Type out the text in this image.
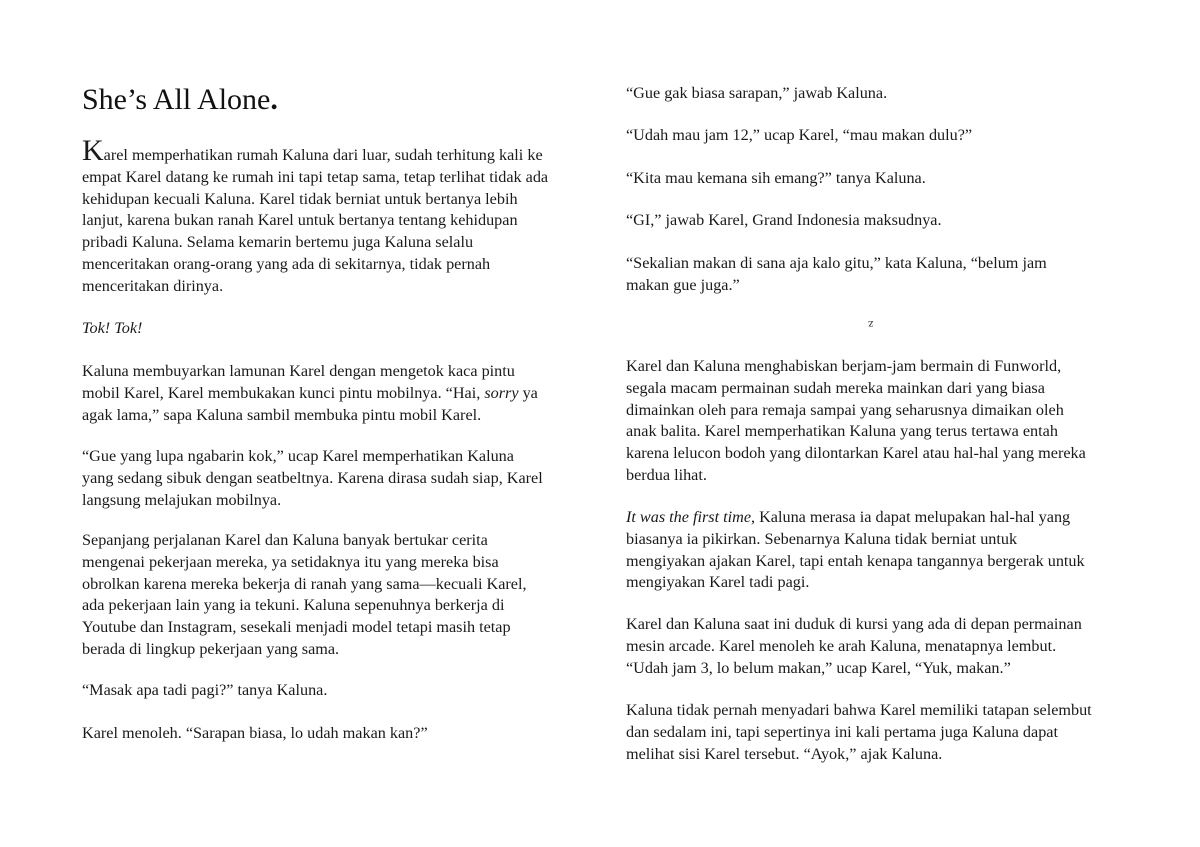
She’s All Alone.

Karel memperhatikan rumah Kaluna dari luar, sudah terhitung kali ke
empat Karel datang ke rumah ini tapi tetap sama, tetap terlihat tidak ada
kehidupan kecuali Kaluna. Karel tidak berniat untuk bertanya lebih
lanjut, karena bukan ranah Karel untuk bertanya tentang kehidupan
pribadi Kaluna. Selama kemarin bertemu juga Kaluna selalu
menceritakan orang-orang yang ada di sekitarnya, tidak pernah
menceritakan dirinya.

Tok! Tok!

Kaluna membuyarkan lamunan Karel dengan mengetok kaca pintu
mobil Karel, Karel membukakan kunci pintu mobilnya. “Hai, sorry ya
agak lama,” sapa Kaluna sambil membuka pintu mobil Karel.

“Gue yang lupa ngabarin kok,” ucap Karel memperhatikan Kaluna
yang sedang sibuk dengan seatbeltnya. Karena dirasa sudah siap, Karel
langsung melajukan mobilnya.

Sepanjang perjalanan Karel dan Kaluna banyak bertukar cerita
mengenai pekerjaan mereka, ya setidaknya itu yang mereka bisa
obrolkan karena mereka bekerja di ranah yang sama—kecuali Karel,
ada pekerjaan lain yang ia tekuni. Kaluna sepenuhnya berkerja di
Youtube dan Instagram, sesekali menjadi model tetapi masih tetap
berada di lingkup pekerjaan yang sama.

“Masak apa tadi pagi?” tanya Kaluna.

Karel menoleh. “Sarapan biasa, lo udah makan kan?”

“Gue gak biasa sarapan,” jawab Kaluna.

“Udah mau jam 12,” ucap Karel, “mau makan dulu?”

“Kita mau kemana sih emang?” tanya Kaluna.

“GI,” jawab Karel, Grand Indonesia maksudnya.

“Sekalian makan di sana aja kalo gitu,” kata Kaluna, “belum jam
makan gue juga.”

z

Karel dan Kaluna menghabiskan berjam-jam bermain di Funworld,
segala macam permainan sudah mereka mainkan dari yang biasa
dimainkan oleh para remaja sampai yang seharusnya dimaikan oleh
anak balita. Karel memperhatikan Kaluna yang terus tertawa entah
karena lelucon bodoh yang dilontarkan Karel atau hal-hal yang mereka
berdua lihat.

It was the first time, Kaluna merasa ia dapat melupakan hal-hal yang
biasanya ia pikirkan. Sebenarnya Kaluna tidak berniat untuk
mengiyakan ajakan Karel, tapi entah kenapa tangannya bergerak untuk
mengiyakan Karel tadi pagi.

Karel dan Kaluna saat ini duduk di kursi yang ada di depan permainan
mesin arcade. Karel menoleh ke arah Kaluna, menatapnya lembut.
“Udah jam 3, lo belum makan,” ucap Karel, “Yuk, makan.”

Kaluna tidak pernah menyadari bahwa Karel memiliki tatapan selembut
dan sedalam ini, tapi sepertinya ini kali pertama juga Kaluna dapat
melihat sisi Karel tersebut. “Ayok,” ajak Kaluna.
